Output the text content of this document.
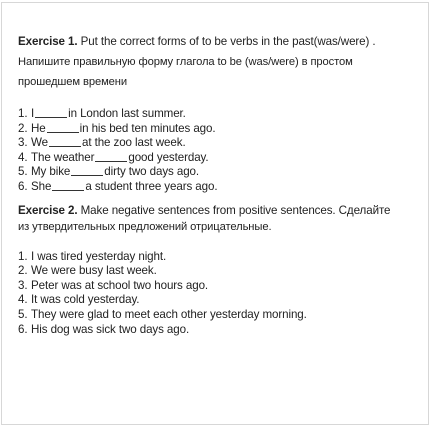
Exercise 1. Put the correct forms of to be verbs in the past(was/were) .

Напишите правильную форму глагола to be (was/were) в простом

прошедшем времени

1. I	in London last summer.
2. He	in his bed ten minutes ago.
3. We	at the zoo last week.
4. The weather	good yesterday.
5. My bike	dirty two days ago.
6. She	a student three years ago.

Exercise 2. Make negative sentences from positive sentences. Сделайте

из утвердительных предложений отрицательные.

1. I was tired yesterday night.
2. We were busy last week.
3. Peter was at school two hours ago.
4. It was cold yesterday.
5. They were glad to meet each other yesterday morning.
6. His dog was sick two days ago.
